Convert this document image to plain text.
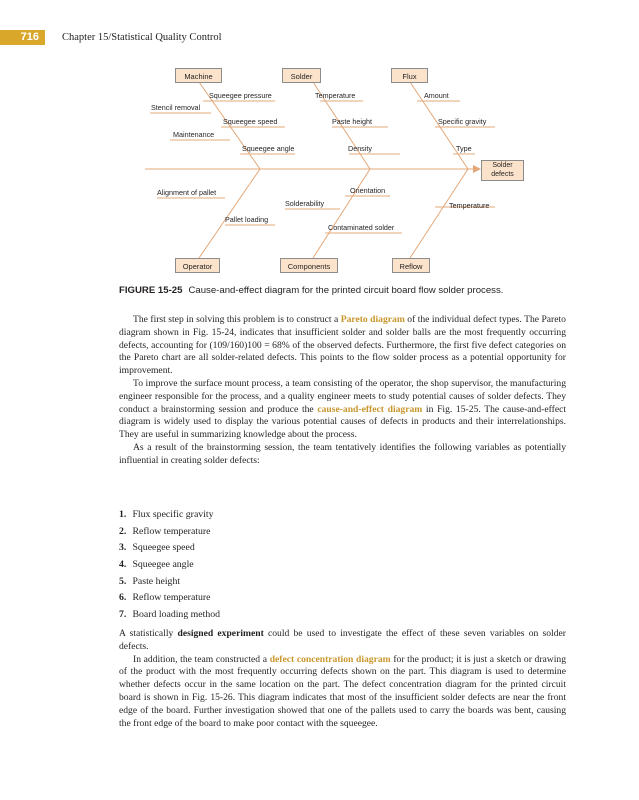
716	Chapter 15/Statistical Quality Control
Machine	Solder	Flux
Operator	Components	Reflow
Solder
defects
Squeegee pressure
Stencil removal
Squeegee speed
Maintenance
Squeegee angle
Temperature
Paste height
Density
Amount
Specific gravity
Type
Alignment of pallet
Pallet loading
Solderability
Orientation
Contaminated solder
Temperature
FIGURE 15-25 Cause-and-effect diagram for the printed circuit board flow solder process.

The first step in solving this problem is to construct a Pareto diagram of the individual defect types. The Pareto diagram shown in Fig. 15-24, indicates that insufficient solder and solder balls are the most frequently occurring defects, accounting for (109/160)100 = 68% of the observed defects. Furthermore, the first five defect categories on the Pareto chart are all solder-related defects. This points to the flow solder process as a potential opportunity for improvement.

To improve the surface mount process, a team consisting of the operator, the shop supervisor, the manufacturing engineer responsible for the process, and a quality engineer meets to study potential causes of solder defects. They conduct a brainstorming session and produce the cause-and-effect diagram in Fig. 15-25. The cause-and-effect diagram is widely used to display the various potential causes of defects in products and their interrelationships. They are useful in summarizing knowledge about the process.

As a result of the brainstorming session, the team tentatively identifies the following variables as potentially influential in creating solder defects:

1. Flux specific gravity
2. Reflow temperature
3. Squeegee speed
4. Squeegee angle
5. Paste height
6. Reflow temperature
7. Board loading method

A statistically designed experiment could be used to investigate the effect of these seven variables on solder defects.

In addition, the team constructed a defect concentration diagram for the product; it is just a sketch or drawing of the product with the most frequently occurring defects shown on the part. This diagram is used to determine whether defects occur in the same location on the part. The defect concentration diagram for the printed circuit board is shown in Fig. 15-26. This diagram indicates that most of the insufficient solder defects are near the front edge of the board. Further investigation showed that one of the pallets used to carry the boards was bent, causing the front edge of the board to make poor contact with the squeegee.
